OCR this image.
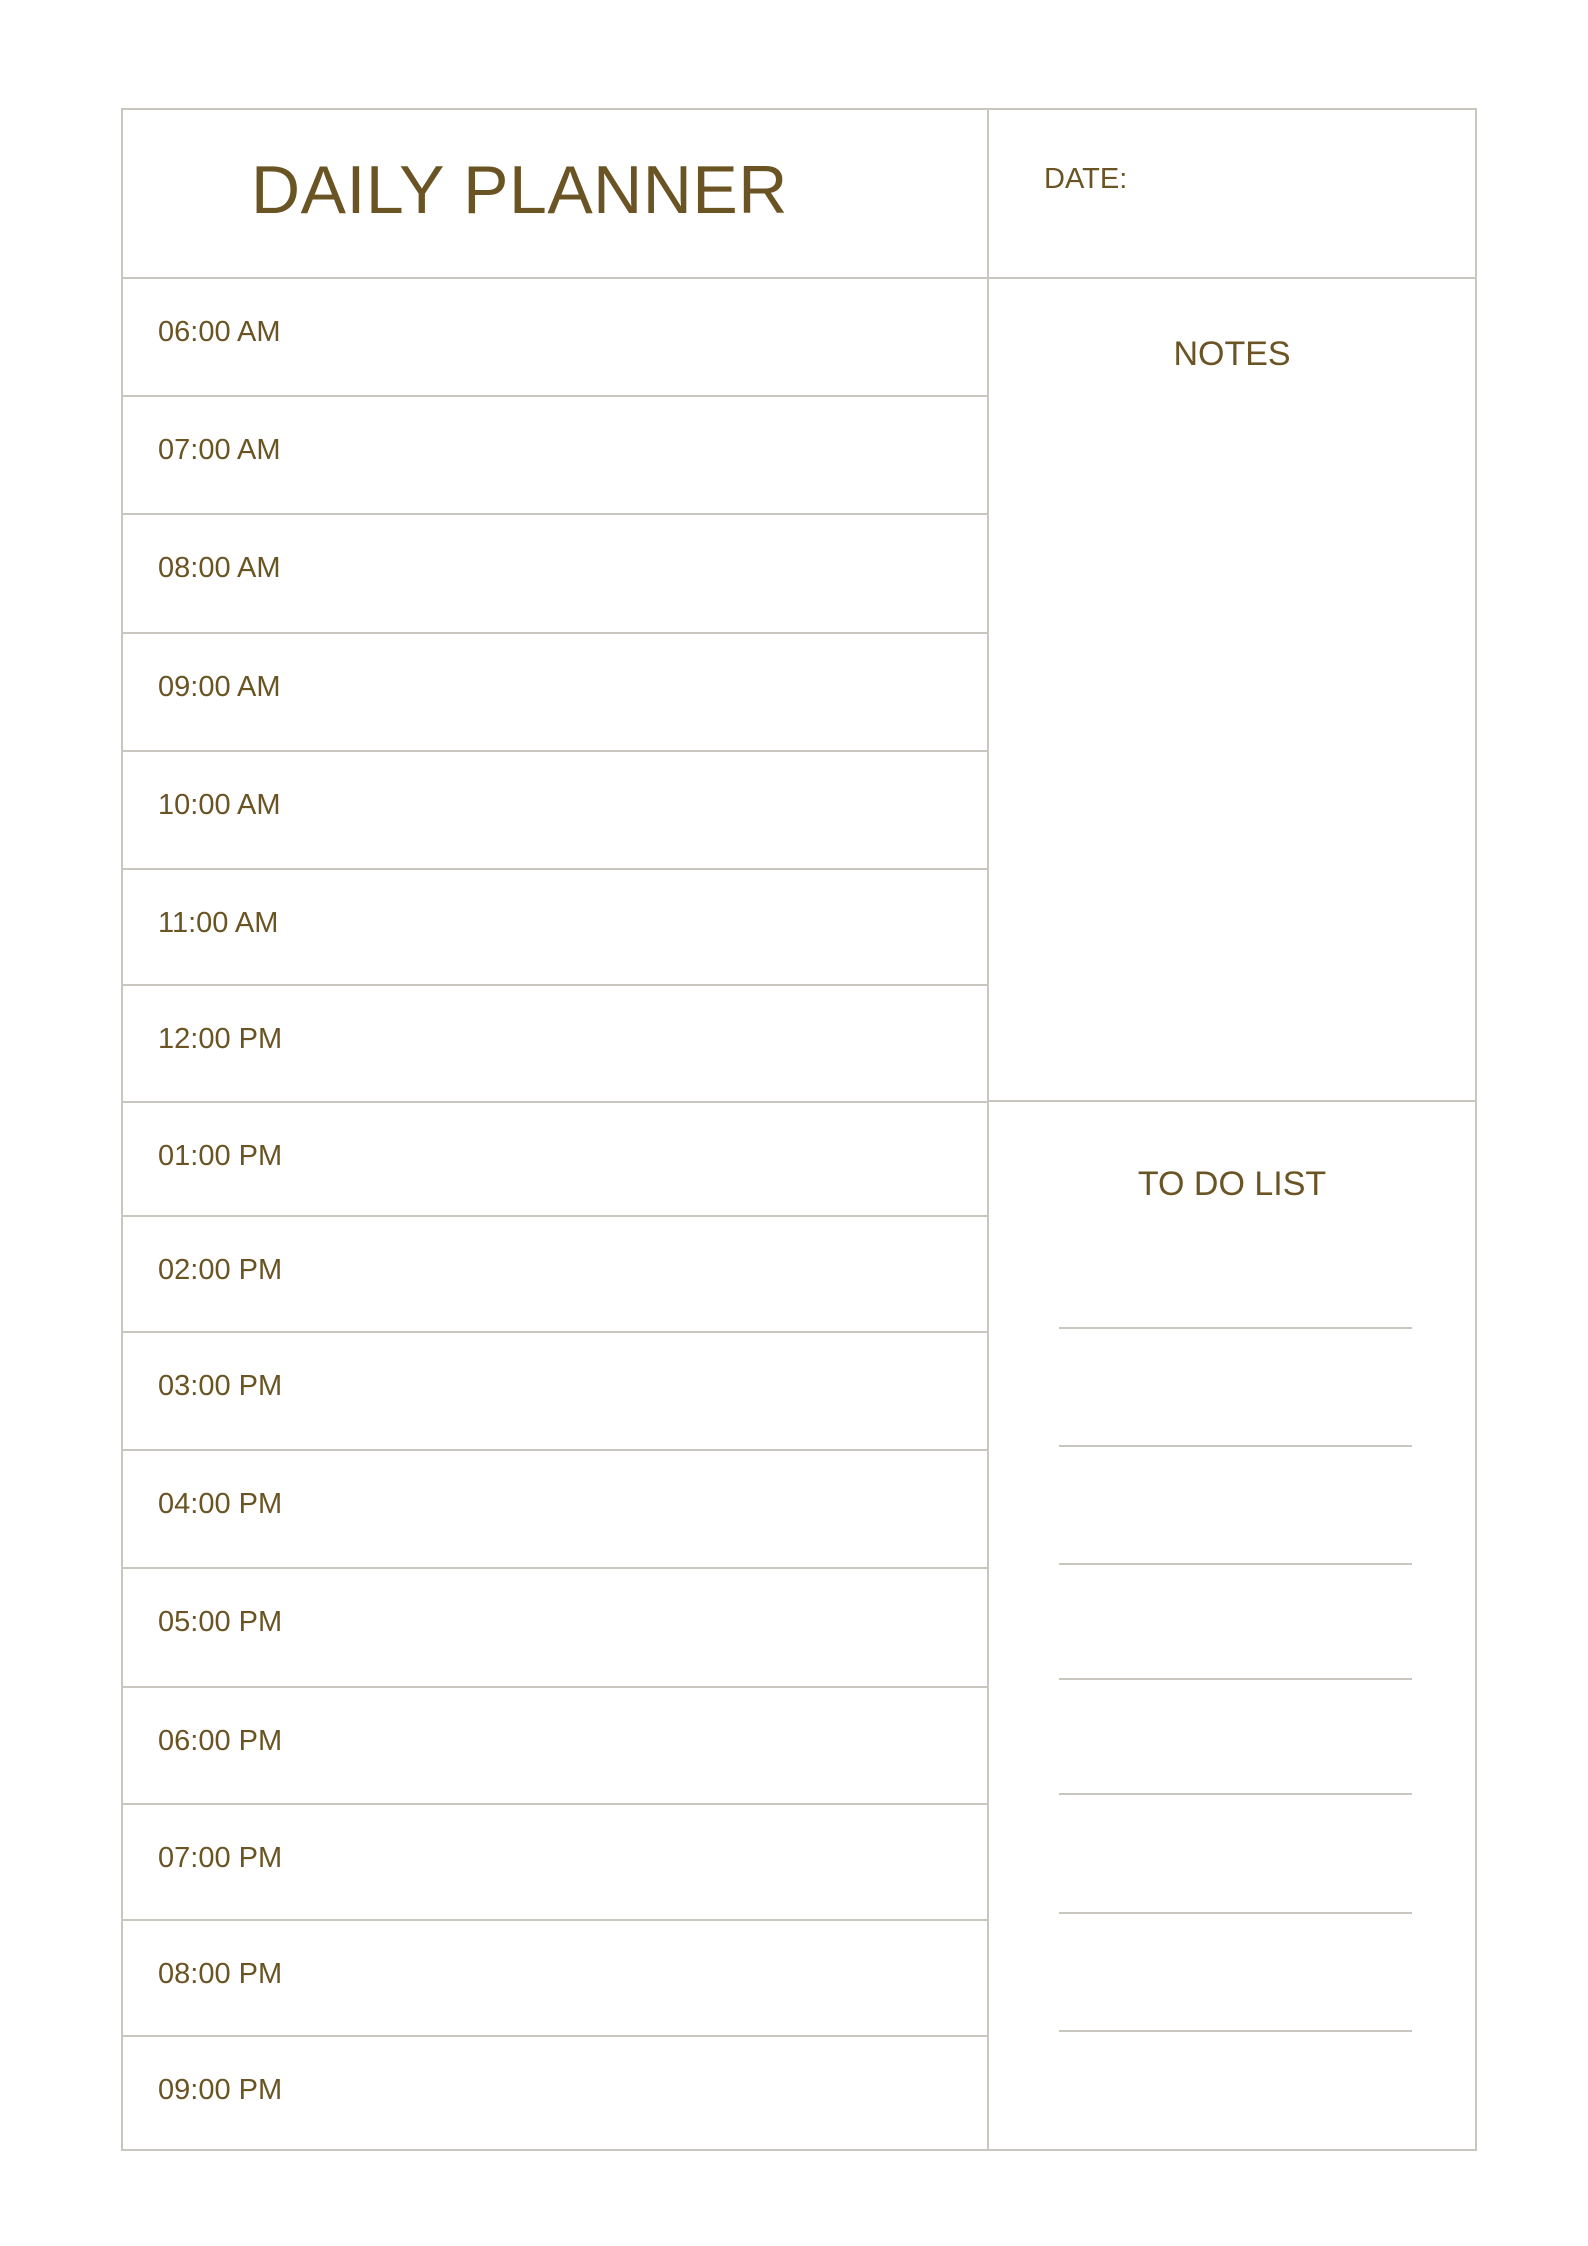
DAILY PLANNER	DATE:
NOTES
TO DO LIST
06:00 AM
07:00 AM
08:00 AM
09:00 AM
10:00 AM
11:00 AM
12:00 PM
01:00 PM
02:00 PM
03:00 PM
04:00 PM
05:00 PM
06:00 PM
07:00 PM
08:00 PM
09:00 PM
